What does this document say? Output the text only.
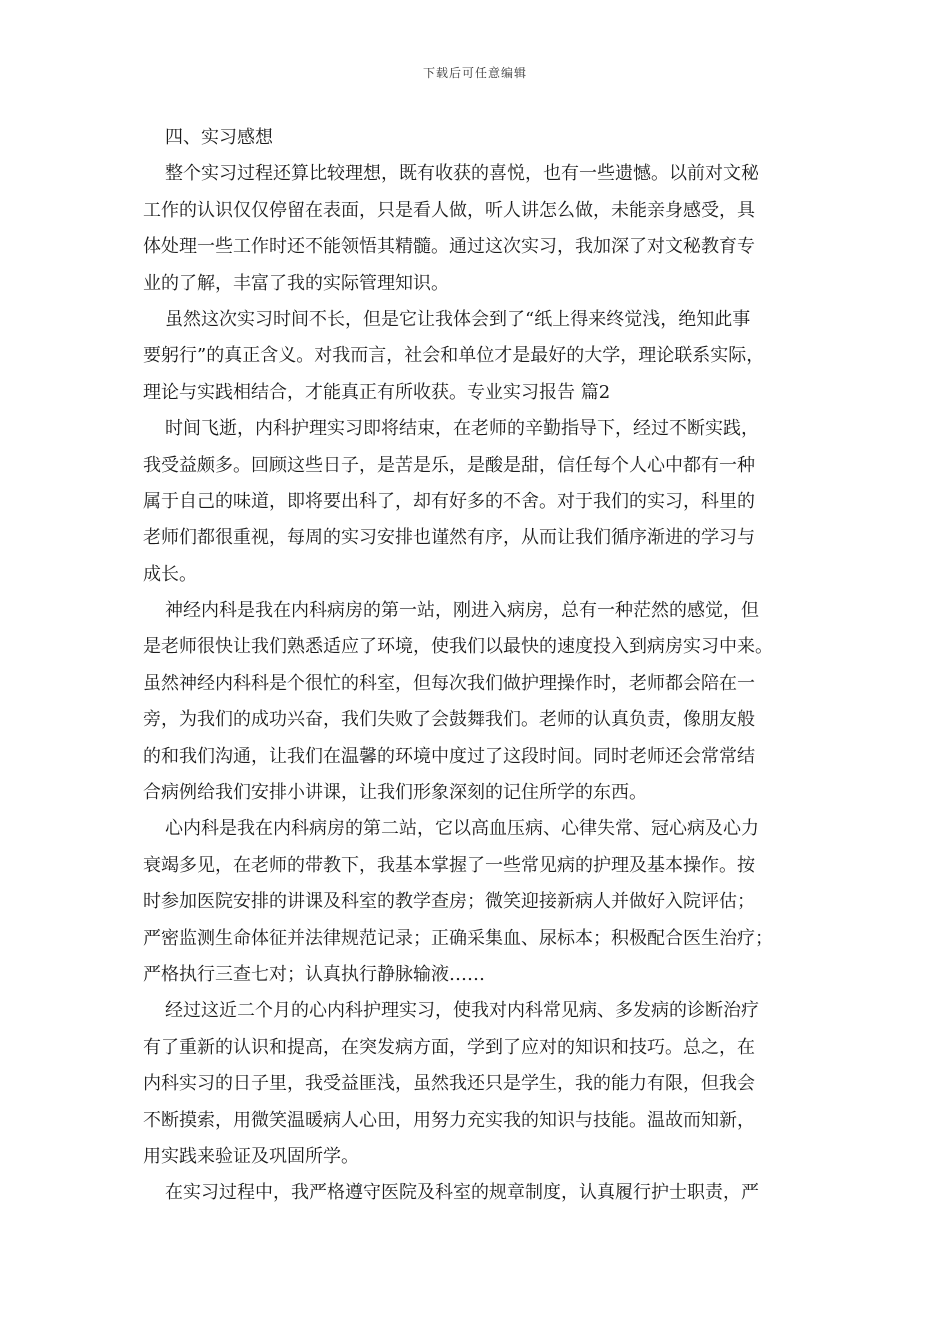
下载后可任意编辑
四、实习感想
整个实习过程还算比较理想，既有收获的喜悦，也有一些遗憾。以前对文秘
工作的认识仅仅停留在表面，只是看人做，听人讲怎么做，未能亲身感受，具
体处理一些工作时还不能领悟其精髓。通过这次实习，我加深了对文秘教育专
业的了解，丰富了我的实际管理知识。
虽然这次实习时间不长，但是它让我体会到了“纸上得来终觉浅，绝知此事
要躬行”的真正含义。对我而言，社会和单位才是最好的大学，理论联系实际，
理论与实践相结合，才能真正有所收获。专业实习报告 篇2
时间飞逝，内科护理实习即将结束，在老师的辛勤指导下，经过不断实践，
我受益颇多。回顾这些日子，是苦是乐，是酸是甜，信任每个人心中都有一种
属于自己的味道，即将要出科了，却有好多的不舍。对于我们的实习，科里的
老师们都很重视，每周的实习安排也谨然有序，从而让我们循序渐进的学习与
成长。
神经内科是我在内科病房的第一站，刚进入病房，总有一种茫然的感觉，但
是老师很快让我们熟悉适应了环境，使我们以最快的速度投入到病房实习中来。
虽然神经内科科是个很忙的科室，但每次我们做护理操作时，老师都会陪在一
旁，为我们的成功兴奋，我们失败了会鼓舞我们。老师的认真负责，像朋友般
的和我们沟通，让我们在温馨的环境中度过了这段时间。同时老师还会常常结
合病例给我们安排小讲课，让我们形象深刻的记住所学的东西。
心内科是我在内科病房的第二站，它以高血压病、心律失常、冠心病及心力
衰竭多见，在老师的带教下，我基本掌握了一些常见病的护理及基本操作。按
时参加医院安排的讲课及科室的教学查房；微笑迎接新病人并做好入院评估；
严密监测生命体征并法律规范记录；正确采集血、尿标本；积极配合医生治疗；
严格执行三查七对；认真执行静脉输液……
经过这近二个月的心内科护理实习，使我对内科常见病、多发病的诊断治疗
有了重新的认识和提高，在突发病方面，学到了应对的知识和技巧。总之，在
内科实习的日子里，我受益匪浅，虽然我还只是学生，我的能力有限，但我会
不断摸索，用微笑温暖病人心田，用努力充实我的知识与技能。温故而知新，
用实践来验证及巩固所学。
在实习过程中，我严格遵守医院及科室的规章制度，认真履行护士职责，严
